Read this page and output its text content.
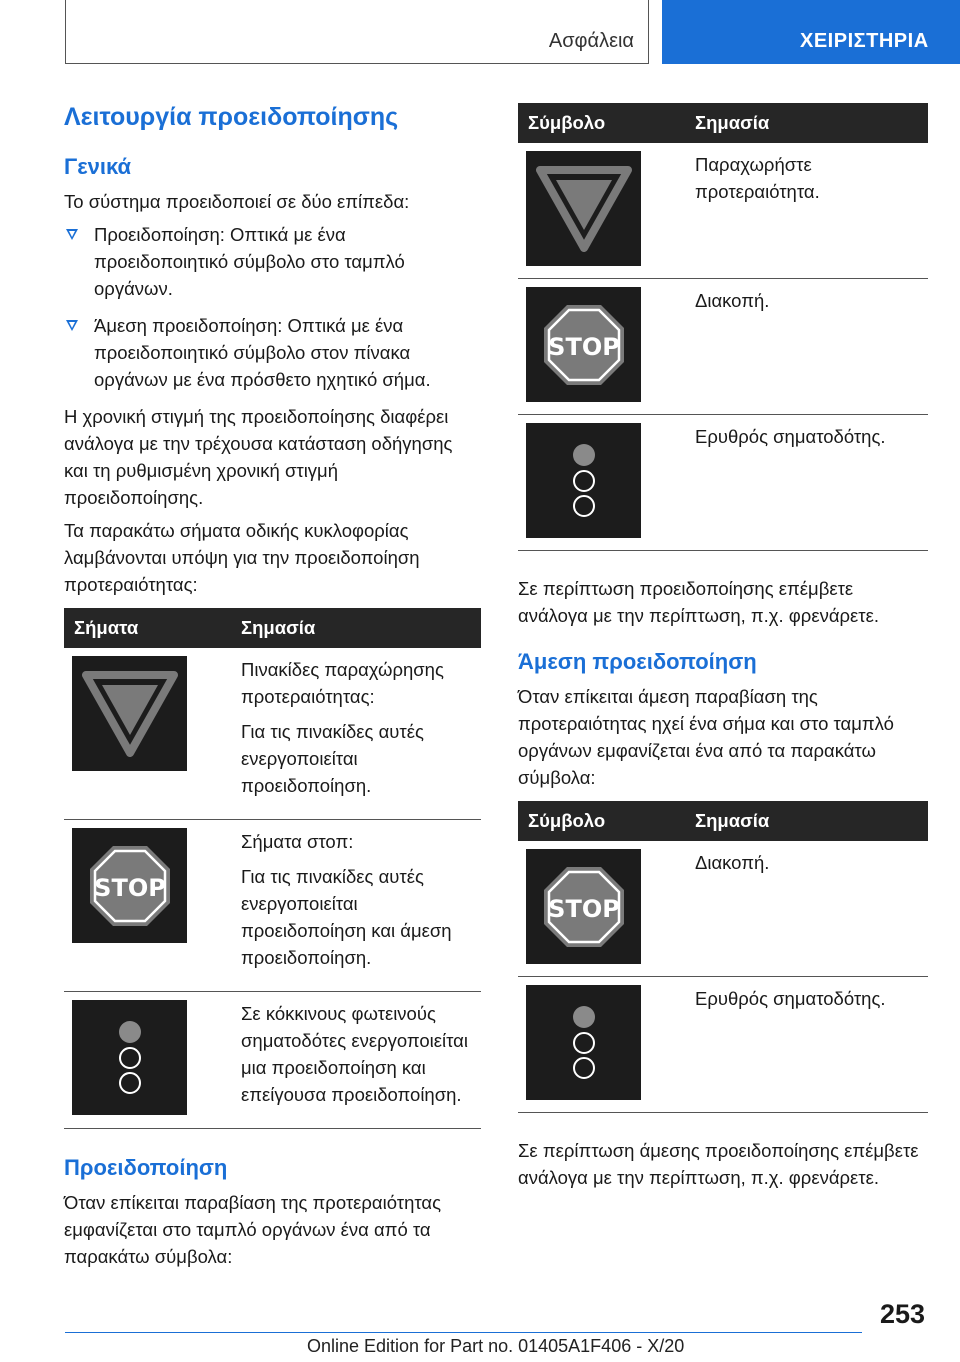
Ασφάλεια	ΧΕΙΡΙΣΤΗΡΙΑ
Λειτουργία προειδοποίησης
Γενικά

Το σύστημα προειδοποιεί σε δύο επίπεδα:

Προειδοποίηση: Οπτικά με ένα προειδοποιητικό σύμβολο στο ταμπλό οργάνων.
Άμεση προειδοποίηση: Οπτικά με ένα προειδοποιητικό σύμβολο στον πίνακα οργάνων με ένα πρόσθετο ηχητικό σήμα.

Η χρονική στιγμή της προειδοποίησης διαφέρει ανάλογα με την τρέχουσα κατάσταση οδήγησης και τη ρυθμισμένη χρονική στιγμή προειδοποίησης.

Τα παρακάτω σήματα οδικής κυκλοφορίας λαμβάνονται υπόψη για την προειδοποίηση προτεραιότητας:

Σήματα	Σημασία

Πινακίδες παραχώρησης προτεραιότητας:

Για τις πινακίδες αυτές ενεργοποιείται προειδοποίηση.

STOP	Σήματα στοπ:

Για τις πινακίδες αυτές ενεργοποιείται προειδοποίηση και άμεση προειδοποίηση.

Σε κόκκινους φωτεινούς σηματοδότες ενεργοποιείται μια προειδοποίηση και επείγουσα προειδοποίηση.

Προειδοποίηση

Όταν επίκειται παραβίαση της προτεραιότητας εμφανίζεται στο ταμπλό οργάνων ένα από τα παρακάτω σύμβολα:

Σύμβολο	Σημασία

Παραχωρήστε προτεραιότητα.

STOP	Διακοπή.

Ερυθρός σηματοδότης.

Σε περίπτωση προειδοποίησης επέμβετε ανάλογα με την περίπτωση, π.χ. φρενάρετε.

Άμεση προειδοποίηση

Όταν επίκειται άμεση παραβίαση της προτεραιότητας ηχεί ένα σήμα και στο ταμπλό οργάνων εμφανίζεται ένα από τα παρακάτω σύμβολα:

Σύμβολο	Σημασία

STOP	Διακοπή.

Ερυθρός σηματοδότης.

Σε περίπτωση άμεσης προειδοποίησης επέμβετε ανάλογα με την περίπτωση, π.χ. φρενάρετε.

253
Online Edition for Part no. 01405A1F406 - X/20
